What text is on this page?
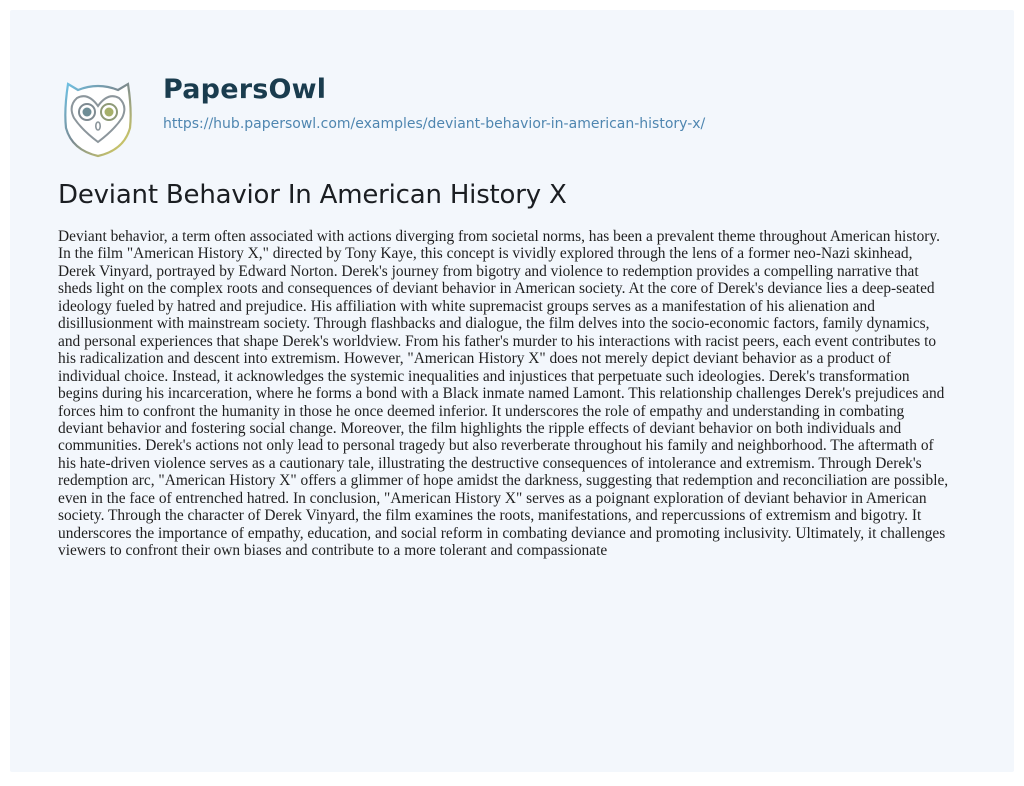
PapersOwl
https://hub.papersowl.com/examples/deviant-behavior-in-american-history-x/
Deviant Behavior In American History X

Deviant behavior, a term often associated with actions diverging from societal norms, has been a prevalent theme throughout American history.
In the film "American History X," directed by Tony Kaye, this concept is vividly explored through the lens of a former neo-Nazi skinhead,
Derek Vinyard, portrayed by Edward Norton. Derek's journey from bigotry and violence to redemption provides a compelling narrative that
sheds light on the complex roots and consequences of deviant behavior in American society. At the core of Derek's deviance lies a deep-seated
ideology fueled by hatred and prejudice. His affiliation with white supremacist groups serves as a manifestation of his alienation and
disillusionment with mainstream society. Through flashbacks and dialogue, the film delves into the socio-economic factors, family dynamics,
and personal experiences that shape Derek's worldview. From his father's murder to his interactions with racist peers, each event contributes to
his radicalization and descent into extremism. However, "American History X" does not merely depict deviant behavior as a product of
individual choice. Instead, it acknowledges the systemic inequalities and injustices that perpetuate such ideologies. Derek's transformation
begins during his incarceration, where he forms a bond with a Black inmate named Lamont. This relationship challenges Derek's prejudices and
forces him to confront the humanity in those he once deemed inferior. It underscores the role of empathy and understanding in combating
deviant behavior and fostering social change. Moreover, the film highlights the ripple effects of deviant behavior on both individuals and
communities. Derek's actions not only lead to personal tragedy but also reverberate throughout his family and neighborhood. The aftermath of
his hate-driven violence serves as a cautionary tale, illustrating the destructive consequences of intolerance and extremism. Through Derek's
redemption arc, "American History X" offers a glimmer of hope amidst the darkness, suggesting that redemption and reconciliation are possible,
even in the face of entrenched hatred. In conclusion, "American History X" serves as a poignant exploration of deviant behavior in American
society. Through the character of Derek Vinyard, the film examines the roots, manifestations, and repercussions of extremism and bigotry. It
underscores the importance of empathy, education, and social reform in combating deviance and promoting inclusivity. Ultimately, it challenges
viewers to confront their own biases and contribute to a more tolerant and compassionate
